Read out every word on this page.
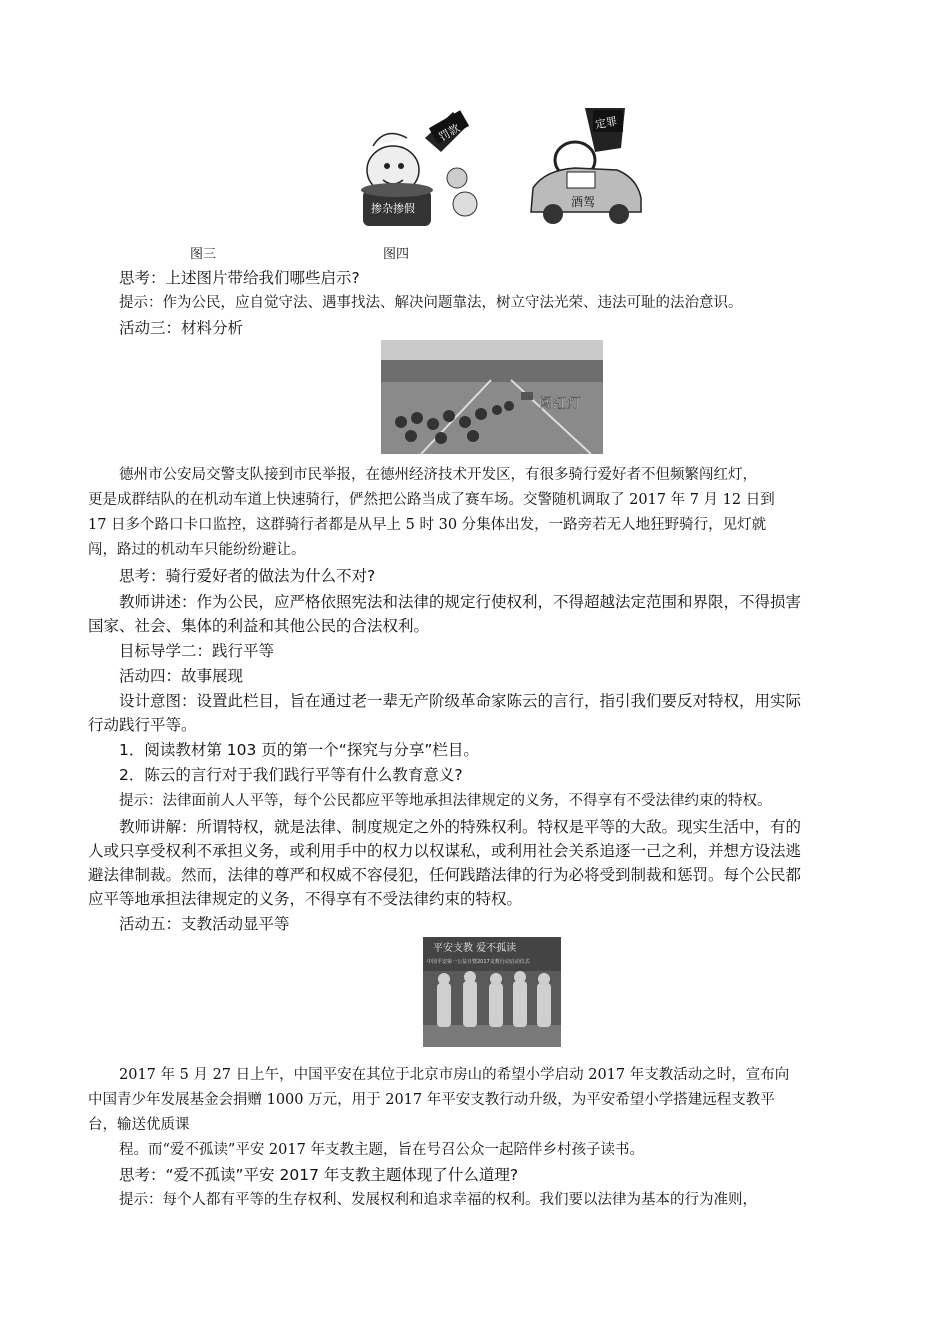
罚款
掺杂掺假
定罪
酒驾
图三	图四

思考：上述图片带给我们哪些启示?

提示：作为公民，应自觉守法、遇事找法、解决问题靠法，树立守法光荣、违法可耻的法治意识。

活动三：材料分析

闯红灯

德州市公安局交警支队接到市民举报，在德州经济技术开发区，有很多骑行爱好者不但频繁闯红灯，

更是成群结队的在机动车道上快速骑行，俨然把公路当成了赛车场。交警随机调取了 2017 年 7 月 12 日到

17 日多个路口卡口监控，这群骑行者都是从早上 5 时 30 分集体出发，一路旁若无人地狂野骑行，见灯就

闯，路过的机动车只能纷纷避让。

思考：骑行爱好者的做法为什么不对?

教师讲述：作为公民，应严格依照宪法和法律的规定行使权利，不得超越法定范围和界限，不得损害

国家、社会、集体的利益和其他公民的合法权利。

目标导学二：践行平等

活动四：故事展现

设计意图：设置此栏目，旨在通过老一辈无产阶级革命家陈云的言行，指引我们要反对特权，用实际

行动践行平等。

1．阅读教材第 103 页的第一个“探究与分享”栏目。

2．陈云的言行对于我们践行平等有什么教育意义?

提示：法律面前人人平等，每个公民都应平等地承担法律规定的义务，不得享有不受法律约束的特权。

教师讲解：所谓特权，就是法律、制度规定之外的特殊权利。特权是平等的大敌。现实生活中，有的

人或只享受权利不承担义务，或利用手中的权力以权谋私，或利用社会关系追逐一己之利，并想方设法逃

避法律制裁。然而，法律的尊严和权威不容侵犯，任何践踏法律的行为必将受到制裁和惩罚。每个公民都

应平等地承担法律规定的义务，不得享有不受法律约束的特权。

活动五：支教活动显平等

平安支教 爱不孤读
中国平安第一公益日暨2017支教行动启动仪式

2017 年 5 月 27 日上午，中国平安在其位于北京市房山的希望小学启动 2017 年支教活动之时，宣布向

中国青少年发展基金会捐赠 1000 万元，用于 2017 年平安支教行动升级，为平安希望小学搭建远程支教平

台，输送优质课

程。而“爱不孤读”平安 2017 年支教主题，旨在号召公众一起陪伴乡村孩子读书。

思考：“爱不孤读”平安 2017 年支教主题体现了什么道理?

提示：每个人都有平等的生存权利、发展权利和追求幸福的权利。我们要以法律为基本的行为准则，
